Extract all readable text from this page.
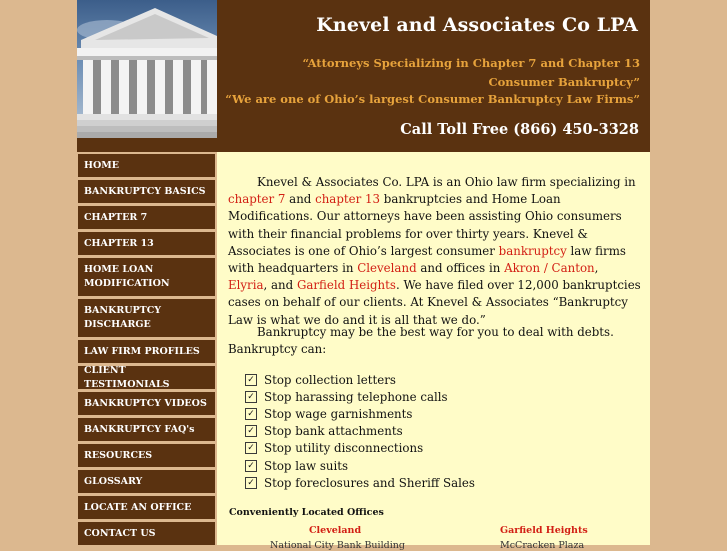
Knevel and Associates Co LPA

“Attorneys Specializing in Chapter 7 and Chapter 13 Consumer Bankruptcy”

“We are one of Ohio’s largest Consumer Bankruptcy Law Firms”

Call Toll Free (866) 450-3328

HOME
BANKRUPTCY BASICS
CHAPTER 7
CHAPTER 13
HOME LOAN MODIFICATION
BANKRUPTCY DISCHARGE
LAW FIRM PROFILES
CLIENT TESTIMONIALS
BANKRUPTCY VIDEOS
BANKRUPTCY FAQ's
RESOURCES
GLOSSARY
LOCATE AN OFFICE
CONTACT US

Knevel & Associates Co. LPA is an Ohio law firm specializing in chapter 7 and chapter 13 bankruptcies and Home Loan Modifications. Our attorneys have been assisting Ohio consumers with their financial problems for over thirty years. Knevel & Associates is one of Ohio’s largest consumer bankruptcy law firms with headquarters in Cleveland and offices in Akron / Canton, Elyria, and Garfield Heights. We have filed over 12,000 bankruptcies cases on behalf of our clients. At Knevel & Associates “Bankruptcy Law is what we do and it is all that we do.”

Bankruptcy may be the best way for you to deal with debts. Bankruptcy can:

✓ Stop collection letters
✓ Stop harassing telephone calls
✓ Stop wage garnishments
✓ Stop bank attachments
✓ Stop utility disconnections
✓ Stop law suits
✓ Stop foreclosures and Sheriff Sales

Conveniently Located Offices

Cleveland	Garfield Heights

National City Bank Building	McCracken Plaza
